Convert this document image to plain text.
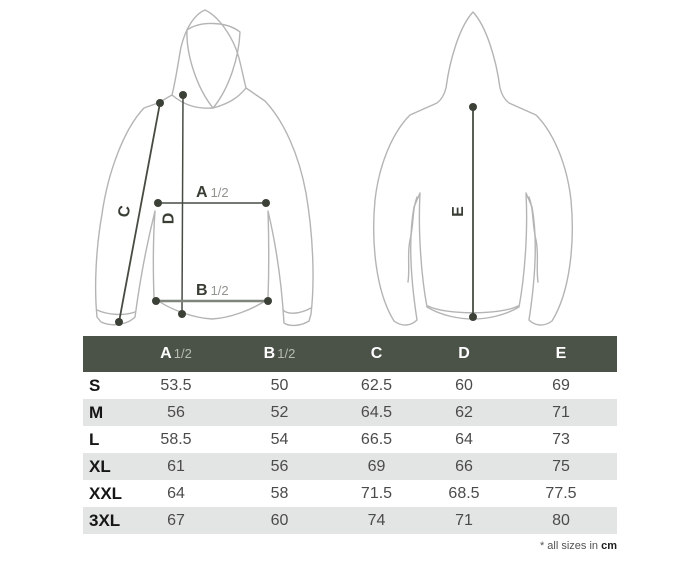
A 1/2
B 1/2
C D
E
	A 1/2	B 1/2	C	D	E
S	53.5	50	62.5	60	69
M	56	52	64.5	62	71
L	58.5	54	66.5	64	73
XL	61	56	69	66	75
XXL	64	58	71.5	68.5	77.5
3XL	67	60	74	71	80
* all sizes in cm
